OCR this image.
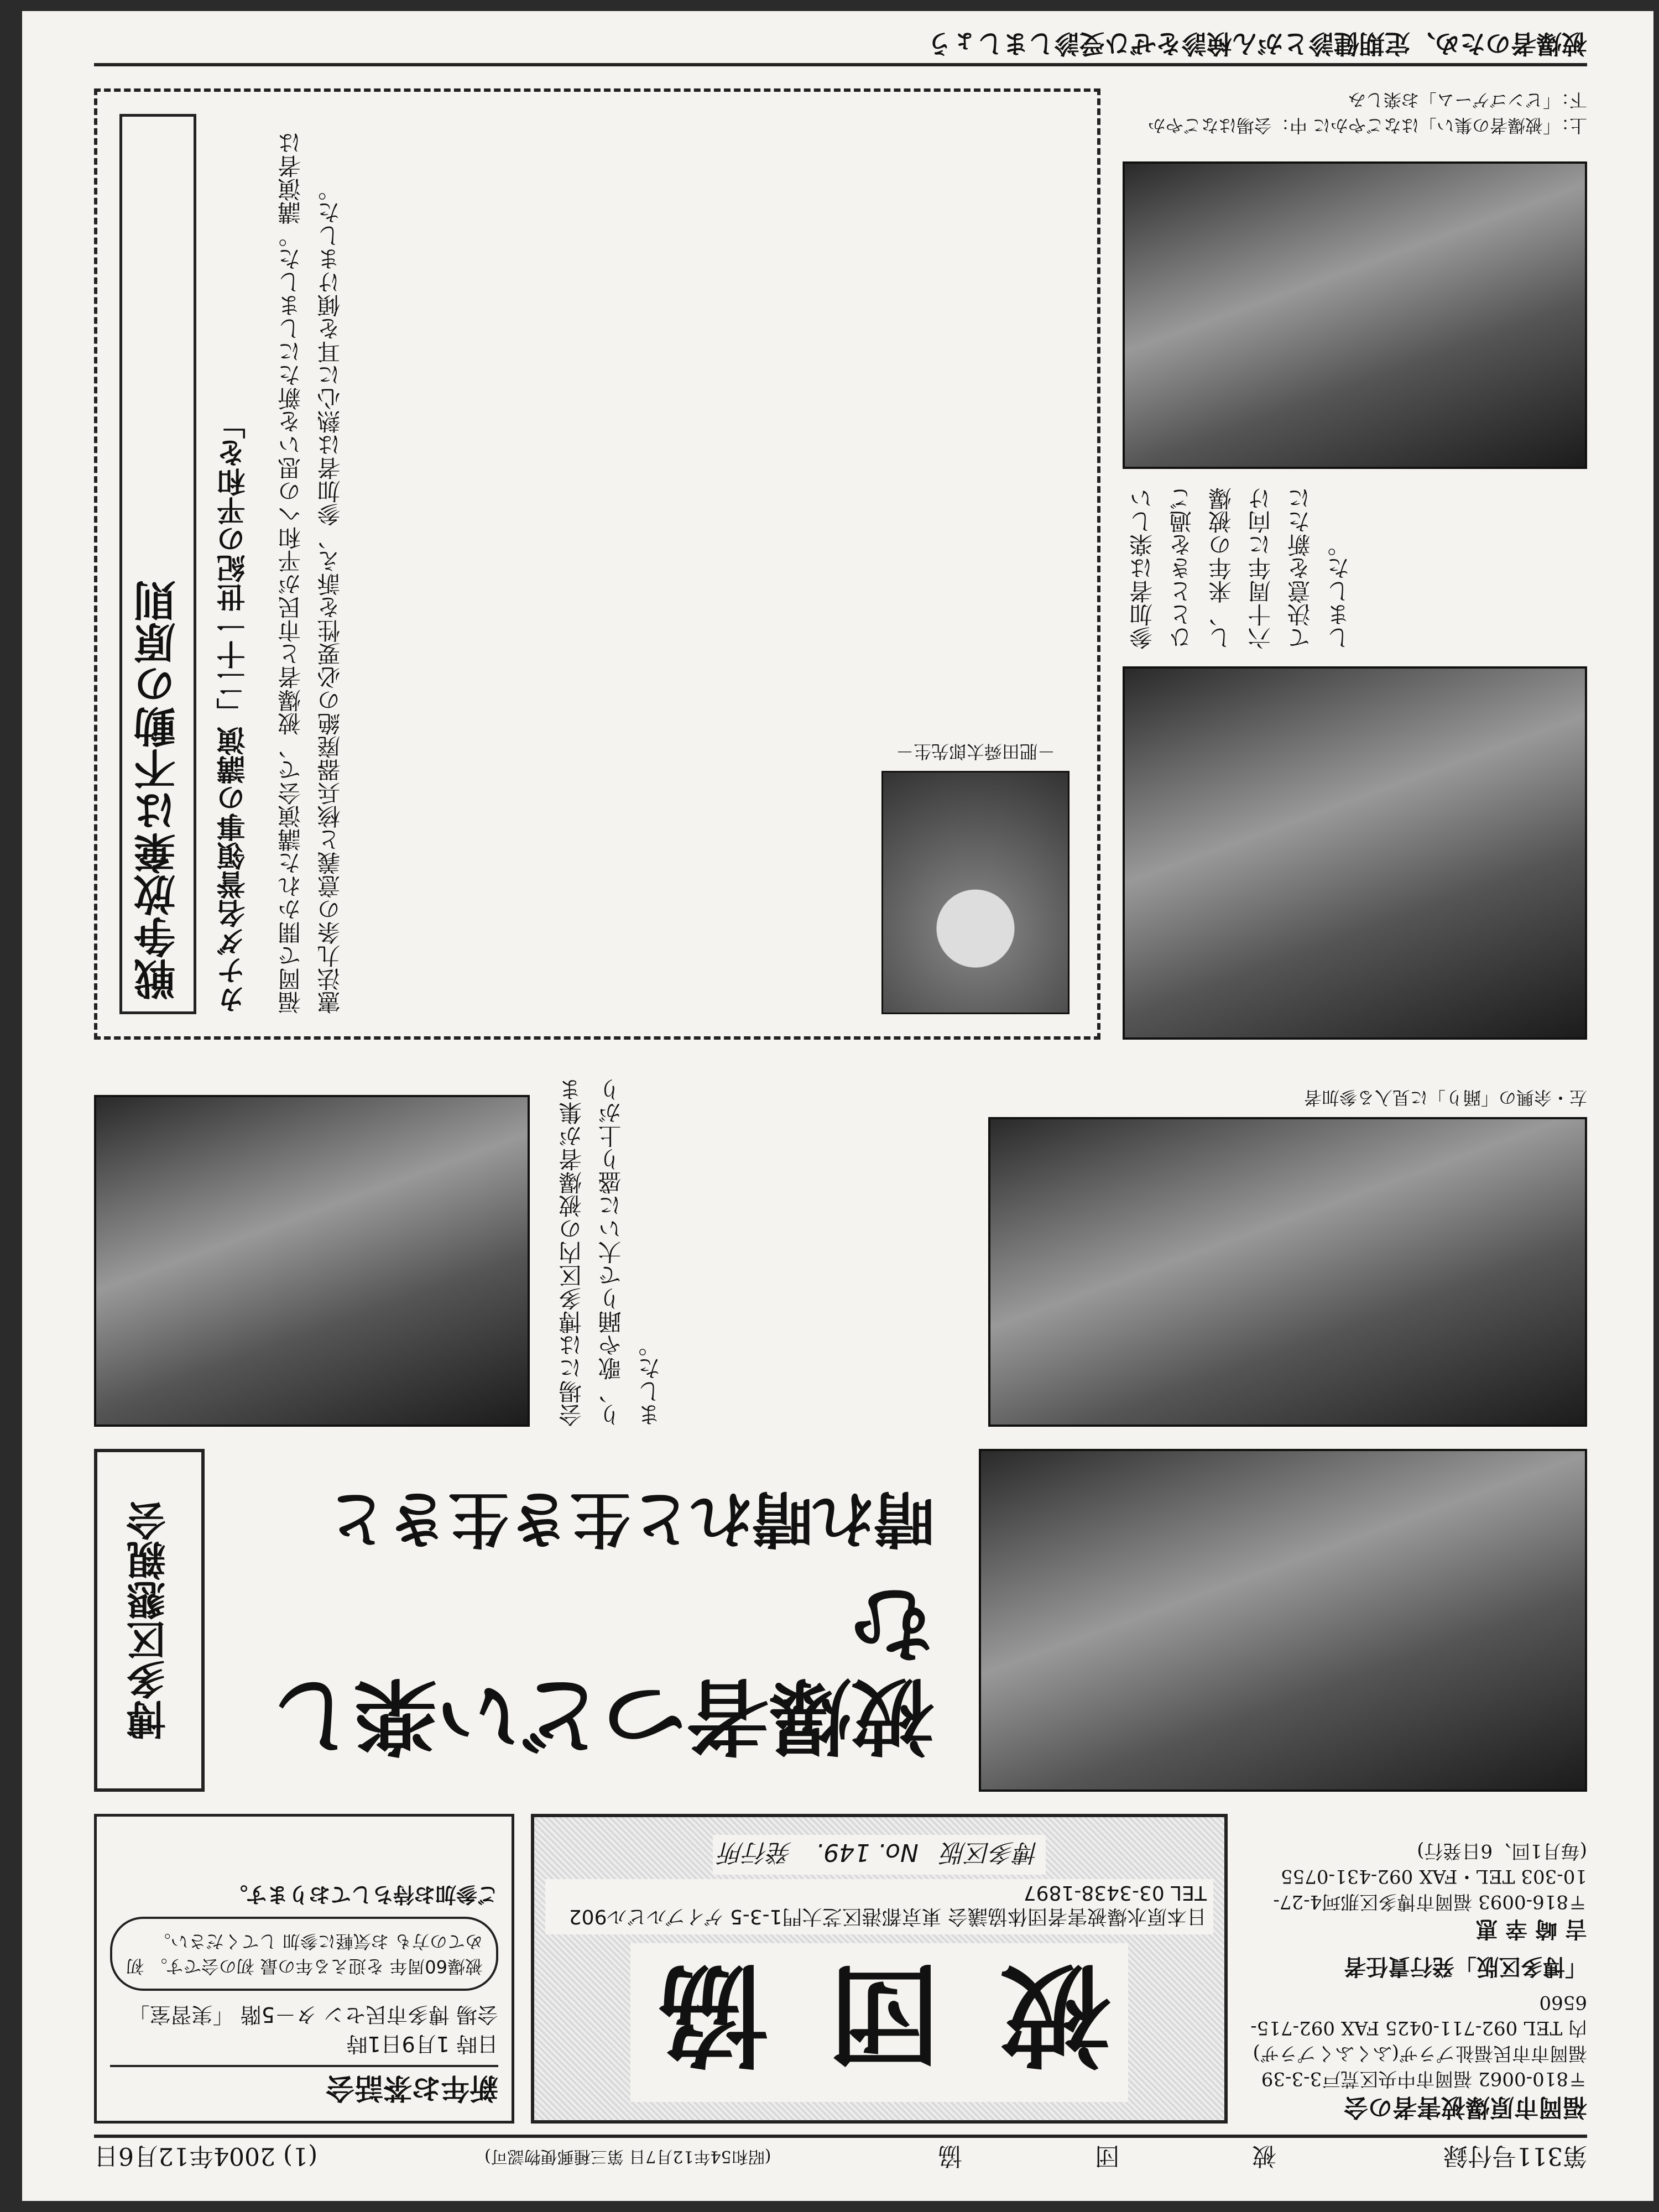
第311号付録
被
団
協
(昭和54年12月7日 第三種郵便物認可)
(1) 2004年12月6日
福岡市原爆被害者の会
〒810-0062 福岡市中央区荒戸3-3-39 福岡市市民福祉プラザ(ふくふくプラザ)内 TEL 092-711-0425 FAX 092-715-6560
「博多区版」発行責任者
吉 崎 幸 恵
〒816-0093 福岡市博多区那珂4-27-10-303 TEL・FAX 092-431-0755
(毎月1回、6日発行)
被 団 協
日本原水爆被害者団体協議会 東京都港区芝大門1-3-5 ゲイブルビル902 TEL 03-3438-1897
博多区版   No. 149.   発行所
新年お茶話会
日時 1月9日1時
会場 博多市民セン タ－5階 「実習室」
被爆60周年 を迎える年の最 初の会です。 初めての方も お気軽に参加 してください。
ご参加お待ちしております。
被爆者つどい楽しむ
晴れ晴れと生き生きと
博多区懇親会
左・余興の「踊り」に見入る参加者
会場には博多区内の被爆者が集まり、歌や踊りで大いに盛り上がりました。
参加者は楽しいひとときを過ごし、来年の被爆六十周年に向けて決意を新たにしました。
上：「被爆者の集い」はなごやかに 中：会場はなごやか 下：「ビンゴゲーム」お楽しみ
戦争放棄は不動の原則	カナダ名誉領事の講演「二十一世紀の平和を」 福岡で開かれた講演会で、被爆者と市民が平和への思いを新たにしました。講演者は憲法九条の意義と核兵器廃絶の必要性を訴え、参加者は熱心に耳を傾けました。	－肥田舜太郎先生－
被爆者のため、定期健診とがん検診をぜひ受診しましょう
